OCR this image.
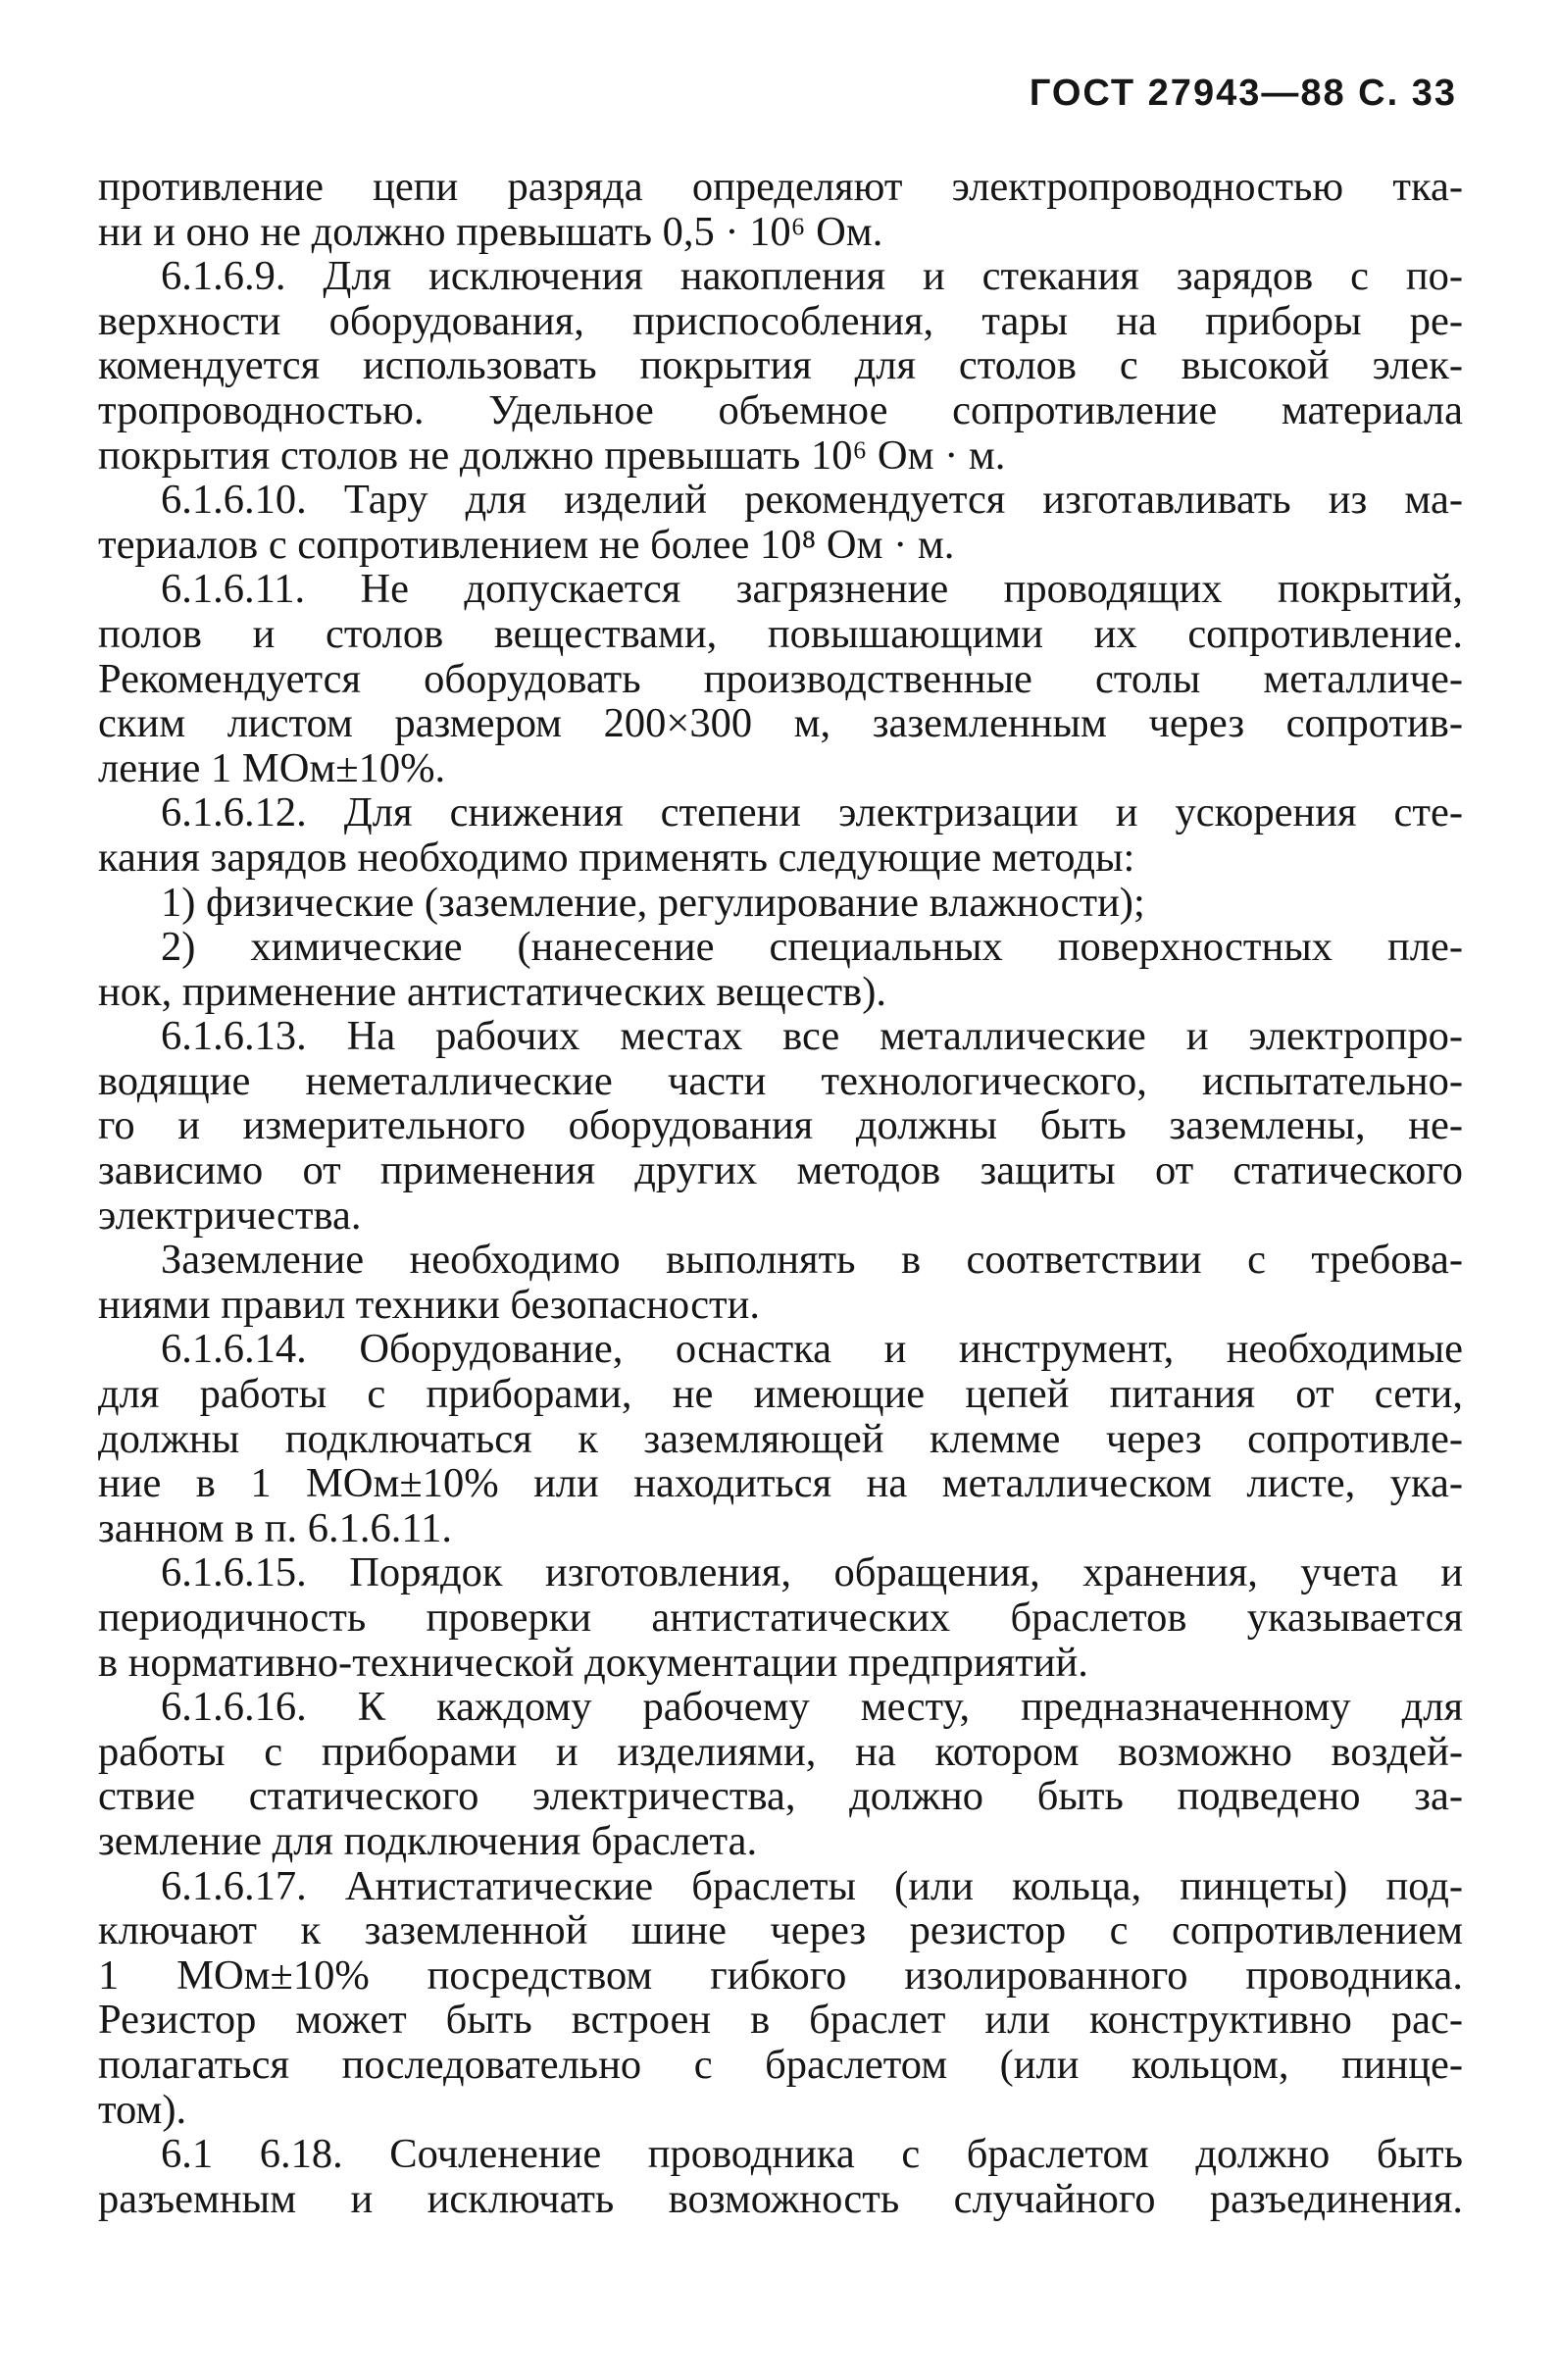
ГОСТ 27943—88 С. 33
противление цепи разряда определяют электропроводностью тка-
ни и оно не должно превышать 0,5 · 10⁶ Ом.
6.1.6.9. Для исключения накопления и стекания зарядов с по-
верхности оборудования, приспособления, тары на приборы ре-
комендуется использовать покрытия для столов с высокой элек-
тропроводностью. Удельное объемное сопротивление материала
покрытия столов не должно превышать 10⁶ Ом · м.
6.1.6.10. Тару для изделий рекомендуется изготавливать из ма-
териалов с сопротивлением не более 10⁸ Ом · м.
6.1.6.11. Не допускается загрязнение проводящих покрытий,
полов и столов веществами, повышающими их сопротивление.
Рекомендуется оборудовать производственные столы металличе-
ским листом размером 200×300 м, заземленным через сопротив-
ление 1 МОм±10%.
6.1.6.12. Для снижения степени электризации и ускорения сте-
кания зарядов необходимо применять следующие методы:
1) физические (заземление, регулирование влажности);
2) химические (нанесение специальных поверхностных пле-
нок, применение антистатических веществ).
6.1.6.13. На рабочих местах все металлические и электропро-
водящие неметаллические части технологического, испытательно-
го и измерительного оборудования должны быть заземлены, не-
зависимо от применения других методов защиты от статического
электричества.
Заземление необходимо выполнять в соответствии с требова-
ниями правил техники безопасности.
6.1.6.14. Оборудование, оснастка и инструмент, необходимые
для работы с приборами, не имеющие цепей питания от сети,
должны подключаться к заземляющей клемме через сопротивле-
ние в 1 МОм±10% или находиться на металлическом листе, ука-
занном в п. 6.1.6.11.
6.1.6.15. Порядок изготовления, обращения, хранения, учета и
периодичность проверки антистатических браслетов указывается
в нормативно-технической документации предприятий.
6.1.6.16. К каждому рабочему месту, предназначенному для
работы с приборами и изделиями, на котором возможно воздей-
ствие статического электричества, должно быть подведено за-
земление для подключения браслета.
6.1.6.17. Антистатические браслеты (или кольца, пинцеты) под-
ключают к заземленной шине через резистор с сопротивлением
1 МОм±10% посредством гибкого изолированного проводника.
Резистор может быть встроен в браслет или конструктивно рас-
полагаться последовательно с браслетом (или кольцом, пинце-
том).
6.1 6.18. Сочленение проводника с браслетом должно быть
разъемным и исключать возможность случайного разъединения.
